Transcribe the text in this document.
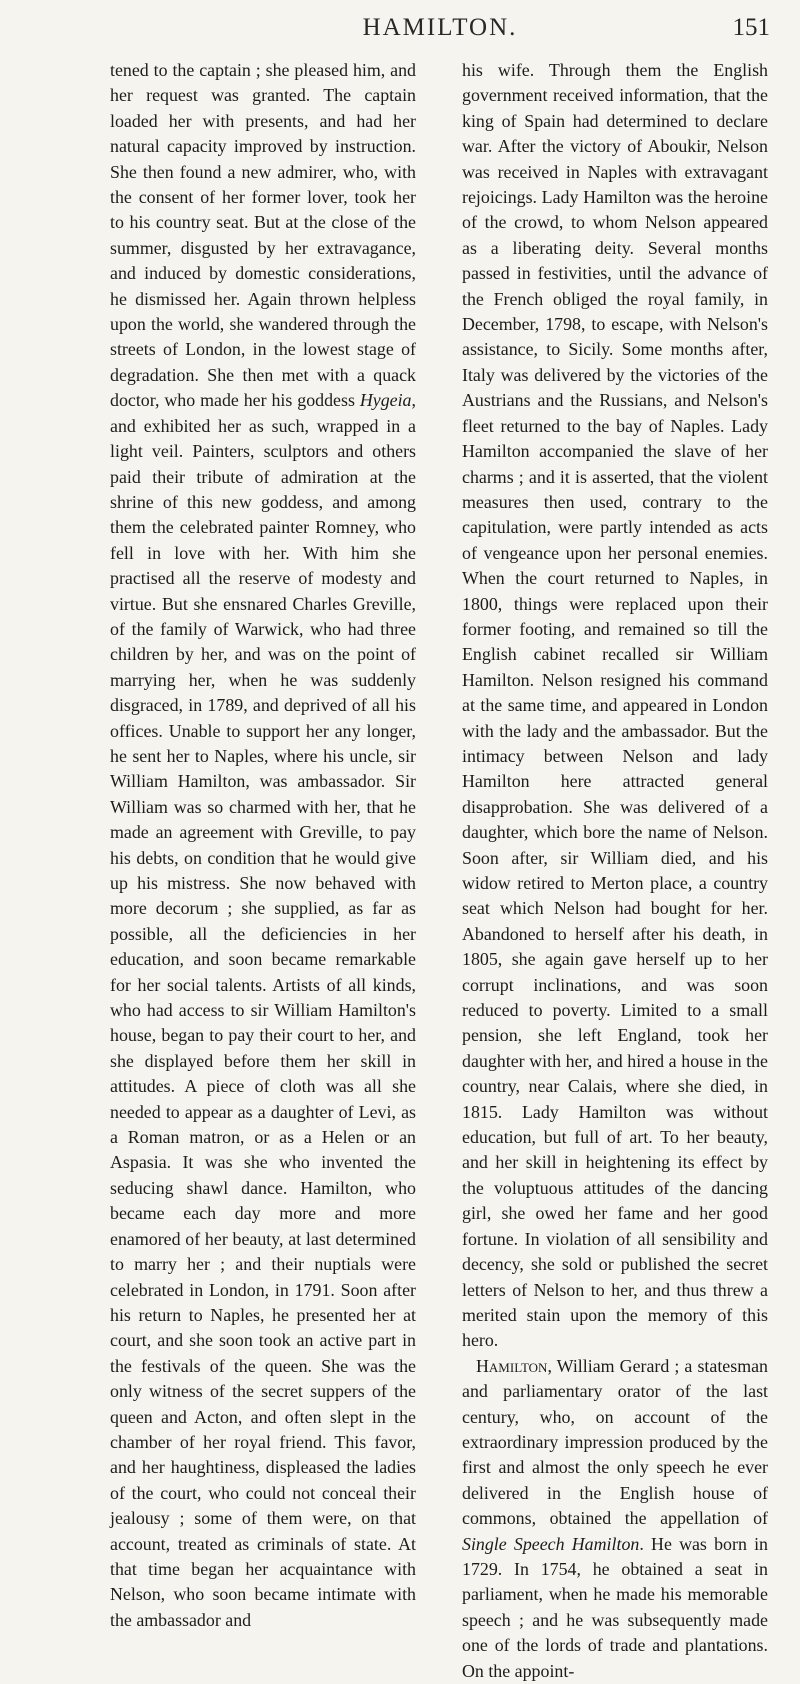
HAMILTON.	151

tened to the captain ; she pleased him, and her request was granted. The captain loaded her with presents, and had her natural capacity improved by instruction. She then found a new admirer, who, with the consent of her former lover, took her to his country seat. But at the close of the summer, disgusted by her extravagance, and induced by domestic considerations, he dismissed her. Again thrown helpless upon the world, she wandered through the streets of London, in the lowest stage of degradation. She then met with a quack doctor, who made her his goddess Hygeia, and exhibited her as such, wrapped in a light veil. Painters, sculptors and others paid their tribute of admiration at the shrine of this new goddess, and among them the celebrated painter Romney, who fell in love with her. With him she practised all the reserve of modesty and virtue. But she ensnared Charles Greville, of the family of Warwick, who had three children by her, and was on the point of marrying her, when he was suddenly disgraced, in 1789, and deprived of all his offices. Unable to support her any longer, he sent her to Naples, where his uncle, sir William Hamilton, was ambassador. Sir William was so charmed with her, that he made an agreement with Greville, to pay his debts, on condition that he would give up his mistress. She now behaved with more decorum ; she supplied, as far as possible, all the deficiencies in her education, and soon became remarkable for her social talents. Artists of all kinds, who had access to sir William Hamilton's house, began to pay their court to her, and she displayed before them her skill in attitudes. A piece of cloth was all she needed to appear as a daughter of Levi, as a Roman matron, or as a Helen or an Aspasia. It was she who invented the seducing shawl dance. Hamilton, who became each day more and more enamored of her beauty, at last determined to marry her ; and their nuptials were celebrated in London, in 1791. Soon after his return to Naples, he presented her at court, and she soon took an active part in the festivals of the queen. She was the only witness of the secret suppers of the queen and Acton, and often slept in the chamber of her royal friend. This favor, and her haughtiness, displeased the ladies of the court, who could not conceal their jealousy ; some of them were, on that account, treated as criminals of state. At that time began her acquaintance with Nelson, who soon became intimate with the ambassador and

his wife. Through them the English government received information, that the king of Spain had determined to declare war. After the victory of Aboukir, Nelson was received in Naples with extravagant rejoicings. Lady Hamilton was the heroine of the crowd, to whom Nelson appeared as a liberating deity. Several months passed in festivities, until the advance of the French obliged the royal family, in December, 1798, to escape, with Nelson's assistance, to Sicily. Some months after, Italy was delivered by the victories of the Austrians and the Russians, and Nelson's fleet returned to the bay of Naples. Lady Hamilton accompanied the slave of her charms ; and it is asserted, that the violent measures then used, contrary to the capitulation, were partly intended as acts of vengeance upon her personal enemies. When the court returned to Naples, in 1800, things were replaced upon their former footing, and remained so till the English cabinet recalled sir William Hamilton. Nelson resigned his command at the same time, and appeared in London with the lady and the ambassador. But the intimacy between Nelson and lady Hamilton here attracted general disapprobation. She was delivered of a daughter, which bore the name of Nelson. Soon after, sir William died, and his widow retired to Merton place, a country seat which Nelson had bought for her. Abandoned to herself after his death, in 1805, she again gave herself up to her corrupt inclinations, and was soon reduced to poverty. Limited to a small pension, she left England, took her daughter with her, and hired a house in the country, near Calais, where she died, in 1815. Lady Hamilton was without education, but full of art. To her beauty, and her skill in heightening its effect by the voluptuous attitudes of the dancing girl, she owed her fame and her good fortune. In violation of all sensibility and decency, she sold or published the secret letters of Nelson to her, and thus threw a merited stain upon the memory of this hero.

Hamilton, William Gerard ; a statesman and parliamentary orator of the last century, who, on account of the extraordinary impression produced by the first and almost the only speech he ever delivered in the English house of commons, obtained the appellation of Single Speech Hamilton. He was born in 1729. In 1754, he obtained a seat in parliament, when he made his memorable speech ; and he was subsequently made one of the lords of trade and plantations. On the appoint-
